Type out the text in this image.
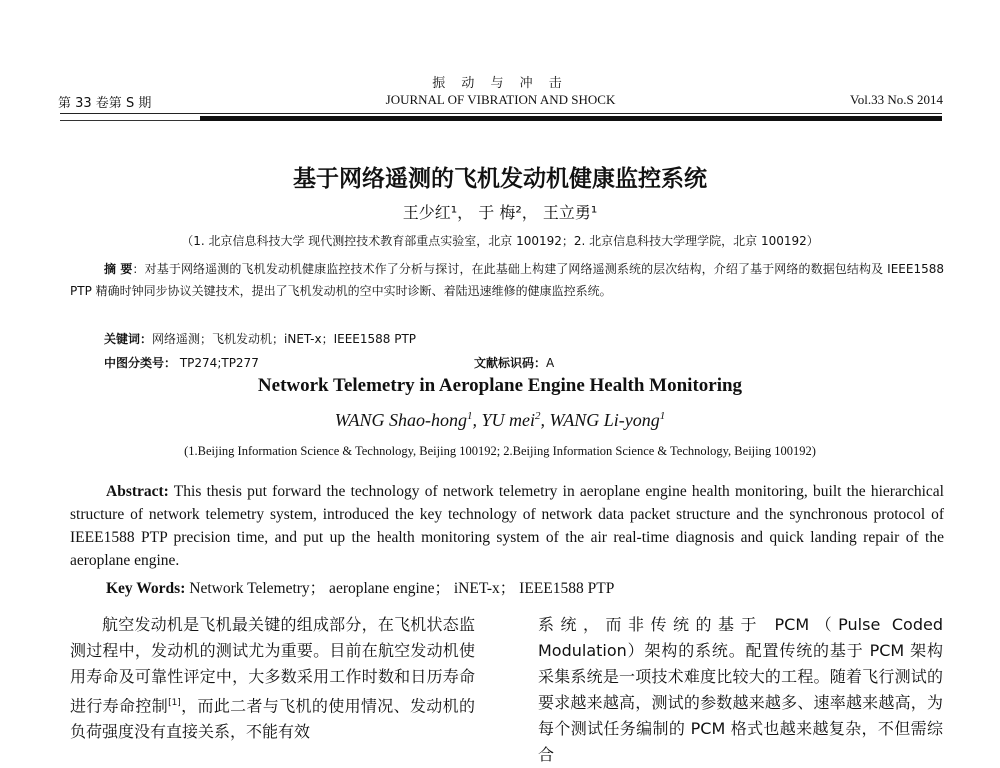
振 动 与 冲 击
第 33 卷第 S 期	JOURNAL OF VIBRATION AND SHOCK	Vol.33 No.S 2014
基于网络遥测的飞机发动机健康监控系统
王少红¹， 于 梅²， 王立勇¹
（1. 北京信息科技大学 现代测控技术教育部重点实验室，北京 100192；2. 北京信息科技大学理学院，北京 100192）

摘 要：对基于网络遥测的飞机发动机健康监控技术作了分析与探讨，在此基础上构建了网络遥测系统的层次结构，介绍了基于网络的数据包结构及 IEEE1588 PTP 精确时钟同步协议关键技术，提出了飞机发动机的空中实时诊断、着陆迅速维修的健康监控系统。

关键词：网络遥测；飞机发动机；iNET-x；IEEE1588 PTP
中图分类号： TP274;TP277	文献标识码：A
Network Telemetry in Aeroplane Engine Health Monitoring
WANG Shao-hong$^1$, YU mei$^2$, WANG Li-yong$^1$
(1.Beijing Information Science & Technology, Beijing 100192; 2.Beijing Information Science & Technology, Beijing 100192)

Abstract: This thesis put forward the technology of network telemetry in aeroplane engine health monitoring, built the hierarchical structure of network telemetry system, introduced the key technology of network data packet structure and the synchronous protocol of IEEE1588 PTP precision time, and put up the health monitoring system of the air real-time diagnosis and quick landing repair of the aeroplane engine.

Key Words: Network Telemetry； aeroplane engine； iNET-x； IEEE1588 PTP

航空发动机是飞机最关键的组成部分，在飞机状态监测过程中，发动机的测试尤为重要。目前在航空发动机使用寿命及可靠性评定中，大多数采用工作时数和日历寿命进行寿命控制[1]，而此二者与飞机的使用情况、发动机的负荷强度没有直接关系，不能有效

系统，而非传统的基于 PCM（Pulse Coded Modulation）架构的系统。配置传统的基于 PCM 架构采集系统是一项技术难度比较大的工程。随着飞行测试的要求越来越高，测试的参数越来越多、速率越来越高，为每个测试任务编制的 PCM 格式也越来越复杂，不但需综合
